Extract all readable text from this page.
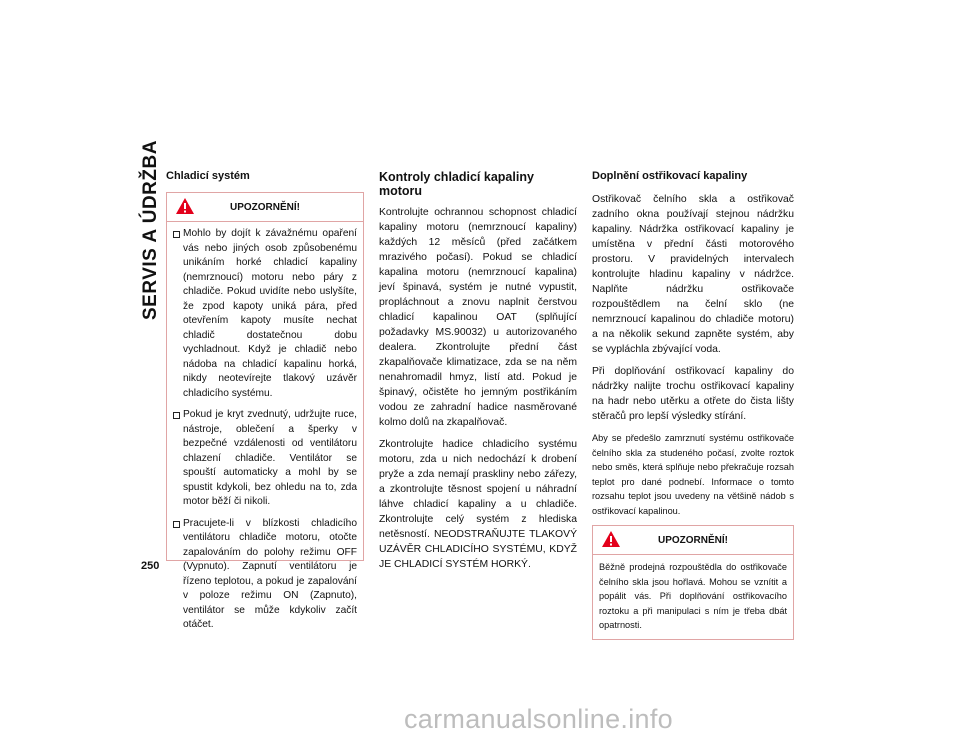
SERVIS A ÚDRŽBA
250
Chladicí systém
UPOZORNĚNÍ!
Mohlo by dojít k závažnému opaření vás nebo jiných osob způsobenému unikáním horké chladicí kapaliny (nemrznoucí) motoru nebo páry z chladiče. Pokud uvidíte nebo uslyšíte, že zpod kapoty uniká pára, před otevřením kapoty musíte nechat chladič dostatečnou dobu vychladnout. Když je chladič nebo nádoba na chladicí kapalinu horká, nikdy neotevírejte tlakový uzávěr chladicího systému.
Pokud je kryt zvednutý, udržujte ruce, nástroje, oblečení a šperky v bezpečné vzdálenosti od ventilátoru chlazení chladiče. Ventilátor se spouští automaticky a mohl by se spustit kdykoli, bez ohledu na to, zda motor běží či nikoli.
Pracujete-li v blízkosti chladicího ventilátoru chladiče motoru, otočte zapalováním do polohy režimu OFF (Vypnuto). Zapnutí ventilátoru je řízeno teplotou, a pokud je zapalování v poloze režimu ON (Zapnuto), ventilátor se může kdykoliv začít otáčet.
Kontroly chladicí kapaliny motoru

Kontrolujte ochrannou schopnost chladicí kapaliny motoru (nemrznoucí kapaliny) každých 12 měsíců (před začátkem mrazivého počasí). Pokud se chladicí kapalina motoru (nemrznoucí kapalina) jeví špinavá, systém je nutné vypustit, propláchnout a znovu naplnit čerstvou chladicí kapalinou OAT (splňující požadavky MS.90032) u autorizovaného dealera. Zkontrolujte přední část zkapalňovače klimatizace, zda se na něm nenahromadil hmyz, listí atd. Pokud je špinavý, očistěte ho jemným postřikáním vodou ze zahradní hadice nasměrované kolmo dolů na zkapalňovač.

Zkontrolujte hadice chladicího systému motoru, zda u nich nedochází k drobení pryže a zda nemají praskliny nebo zářezy, a zkontrolujte těsnost spojení u náhradní láhve chladicí kapaliny a u chladiče. Zkontrolujte celý systém z hlediska netěsností. NEODSTRAŇUJTE TLAKOVÝ UZÁVĚR CHLADICÍHO SYSTÉMU, KDYŽ JE CHLADICÍ SYSTÉM HORKÝ.

Doplnění ostřikovací kapaliny

Ostřikovač čelního skla a ostřikovač zadního okna používají stejnou nádržku kapaliny. Nádržka ostřikovací kapaliny je umístěna v přední části motorového prostoru. V pravidelných intervalech kontrolujte hladinu kapaliny v nádržce. Naplňte nádržku ostřikovače rozpouštědlem na čelní sklo (ne nemrznoucí kapalinou do chladiče motoru) a na několik sekund zapněte systém, aby se vypláchla zbývající voda.

Při doplňování ostřikovací kapaliny do nádržky nalijte trochu ostřikovací kapaliny na hadr nebo utěrku a otřete do čista lišty stěračů pro lepší výsledky stírání.

Aby se předešlo zamrznutí systému ostřikovače čelního skla za studeného počasí, zvolte roztok nebo směs, která splňuje nebo překračuje rozsah teplot pro dané podnebí. Informace o tomto rozsahu teplot jsou uvedeny na většině nádob s ostřikovací kapalinou.

UPOZORNĚNÍ!

Běžně prodejná rozpouštědla do ostřikovače čelního skla jsou hořlavá. Mohou se vznítit a popálit vás. Při doplňování ostřikovacího roztoku a při manipulaci s ním je třeba dbát opatrnosti.

carmanualsonline.info
